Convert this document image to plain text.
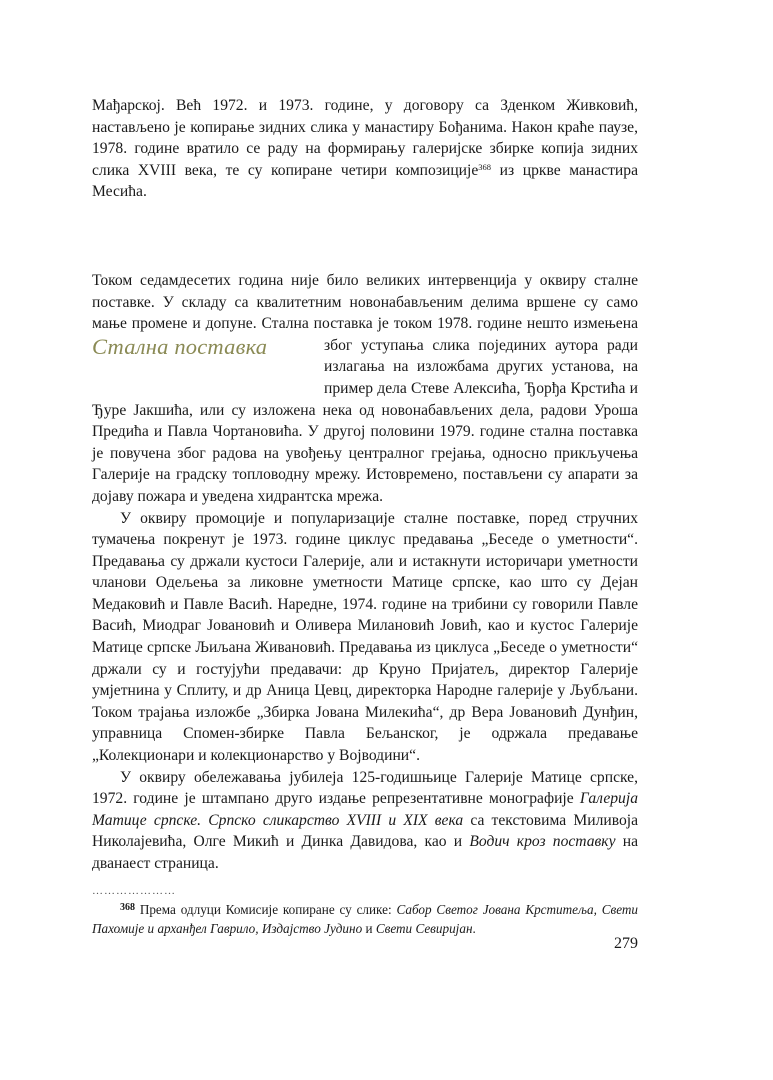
Мађарској. Већ 1972. и 1973. године, у договору са Зденком Живковић, настављено је копирање зидних слика у манастиру Бођанима. Након краће паузе, 1978. године вратило се раду на формирању галеријске збирке копија зидних слика XVIII века, те су копиране четири композиције$^{368}$ из цркве манастира Месића.

Стална поставка

Током седамдесетих година није било великих интервенција у оквиру сталне поставке. У складу са квалитетним новонабављеним делима вршене су само мање промене и допуне. Стална поставка је током 1978. године нешто измењена због уступања слика појединих аутора ради излагања на изложбама других установа, на пример дела Стеве Алексића, Ђорђа Крстића и Ђуре Јакшића, или су изложена нека од новонабављених дела, радови Уроша Предића и Павла Чортановића. У другој половини 1979. године стална поставка је повучена због радова на увођењу централног грејања, односно прикључења Галерије на градску топловодну мрежу. Истовремено, постављени су апарати за дојаву пожара и уведена хидрантска мрежа.

У оквиру промоције и популаризације сталне поставке, поред стручних тумачења покренут је 1973. године циклус предавања „Беседе о уметности“. Предавања су држали кустоси Галерије, али и истакнути историчари уметности чланови Одељења за ликовне уметности Матице српске, као што су Дејан Медаковић и Павле Васић. Наредне, 1974. године на трибини су говорили Павле Васић, Миодраг Јовановић и Оливера Милановић Јовић, као и кустос Галерије Матице српске Љиљана Живановић. Предавања из циклуса „Беседе о уметности“ држали су и гостујући предавачи: др Круно Пријатељ, директор Галерије умјетнина у Сплиту, и др Аница Цевц, директорка Народне галерије у Љубљани. Током трајања изложбе „Збирка Јована Милекића“, др Вера Јовановић Дунђин, управница Спомен-збирке Павла Бељанског, је одржала предавање „Колекционари и колекционарство у Војводини“.

У оквиру обележавања јубилеја 125-годишњице Галерије Матице српске, 1972. године је штампано друго издање репрезентативне монографије Галерија Матице српске. Српско сликарство XVIII и XIX века са текстовима Миливоја Николајевића, Олге Микић и Динка Давидова, као и Водич кроз поставку на дванаест страница.

…………………
$^{368}$ Према одлуци Комисије копиране су слике: Сабор Светог Јована Крститеља, Свети Пахомије и арханђел Гаврило, Издајство Јудино и Свети Севиријан.
279
